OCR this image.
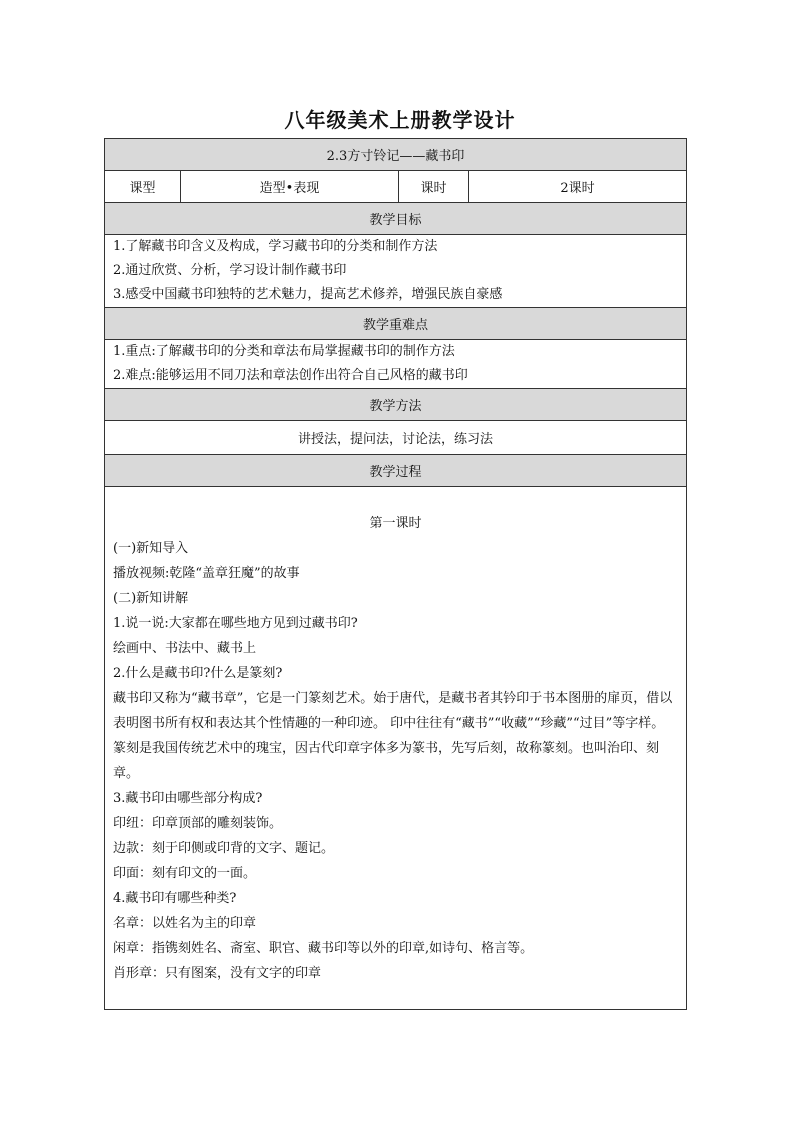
八年级美术上册教学设计
2.3方寸铃记——藏书印
课型	造型•表现	课时	2课时
教学目标

1.了解藏书印含义及构成，学习藏书印的分类和制作方法
2.通过欣赏、分析，学习设计制作藏书印
3.感受中国藏书印独特的艺术魅力，提高艺术修养，增强民族自豪感

教学重难点

1.重点:了解藏书印的分类和章法布局掌握藏书印的制作方法
2.难点:能够运用不同刀法和章法创作出符合自己风格的藏书印

教学方法
讲授法，提问法，讨论法，练习法
教学过程

第一课时
(一)新知导入
播放视频:乾隆“盖章狂魔”的故事
(二)新知讲解
1.说一说:大家都在哪些地方见到过藏书印?
绘画中、书法中、藏书上
2.什么是藏书印?什么是篆刻?
藏书印又称为“藏书章”，它是一门篆刻艺术。始于唐代，是藏书者其钤印于书本图册的扉页，借以表明图书所有权和表达其个性情趣的一种印迹。 印中往往有“藏书”“收藏”“珍藏”“过目”等字样。
篆刻是我国传统艺术中的瑰宝，因古代印章字体多为篆书，先写后刻，故称篆刻。也叫治印、刻章。
3.藏书印由哪些部分构成?
印纽：印章顶部的雕刻装饰。
边款：刻于印侧或印背的文字、题记。
印面：刻有印文的一面。
4.藏书印有哪些种类?
名章：以姓名为主的印章
闲章：指镌刻姓名、斋室、职官、藏书印等以外的印章,如诗句、格言等。
肖形章：只有图案，没有文字的印章
